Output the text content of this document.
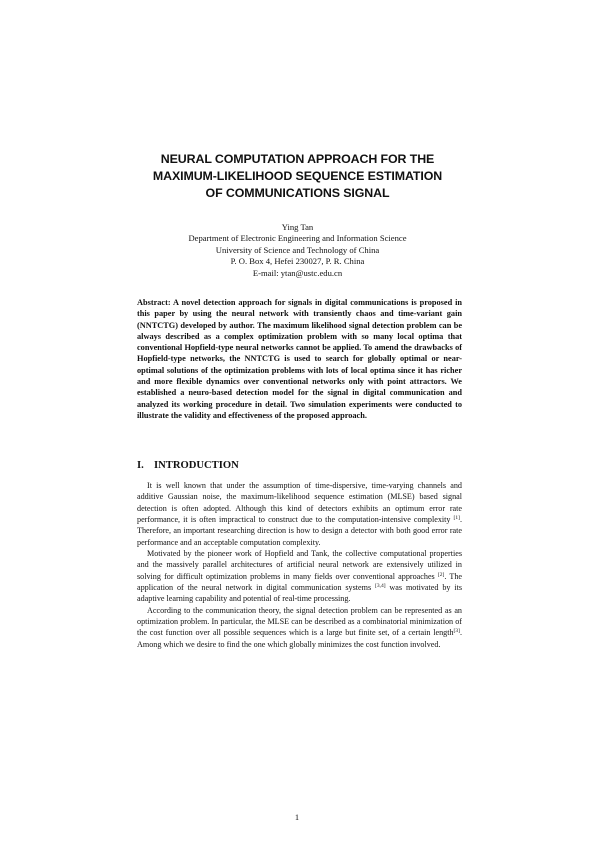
NEURAL COMPUTATION APPROACH FOR THE
MAXIMUM-LIKELIHOOD SEQUENCE ESTIMATION
OF COMMUNICATIONS SIGNAL
Ying Tan
Department of Electronic Engineering and Information Science
University of Science and Technology of China
P. O. Box 4, Hefei 230027, P. R. China
E-mail: ytan@ustc.edu.cn

Abstract: A novel detection approach for signals in digital communications is proposed in this paper by using the neural network with transiently chaos and time-variant gain (NNTCTG) developed by author. The maximum likelihood signal detection problem can be always described as a complex optimization problem with so many local optima that conventional Hopfield-type neural networks cannot be applied. To amend the drawbacks of Hopfield-type networks, the NNTCTG is used to search for globally optimal or near-optimal solutions of the optimization problems with lots of local optima since it has richer and more flexible dynamics over conventional networks only with point attractors. We established a neuro-based detection model for the signal in digital communication and analyzed its working procedure in detail. Two simulation experiments were conducted to illustrate the validity and effectiveness of the proposed approach.

I. INTRODUCTION

It is well known that under the assumption of time-dispersive, time-varying channels and additive Gaussian noise, the maximum-likelihood sequence estimation (MLSE) based signal detection is often adopted. Although this kind of detectors exhibits an optimum error rate performance, it is often impractical to construct due to the computation-intensive complexity [1]. Therefore, an important researching direction is how to design a detector with both good error rate performance and an acceptable computation complexity.

Motivated by the pioneer work of Hopfield and Tank, the collective computational properties and the massively parallel architectures of artificial neural network are extensively utilized in solving for difficult optimization problems in many fields over conventional approaches [2]. The application of the neural network in digital communication systems [3,4] was motivated by its adaptive learning capability and potential of real-time processing.

According to the communication theory, the signal detection problem can be represented as an optimization problem. In particular, the MLSE can be described as a combinatorial minimization of the cost function over all possible sequences which is a large but finite set, of a certain length[3]. Among which we desire to find the one which globally minimizes the cost function involved.

1
